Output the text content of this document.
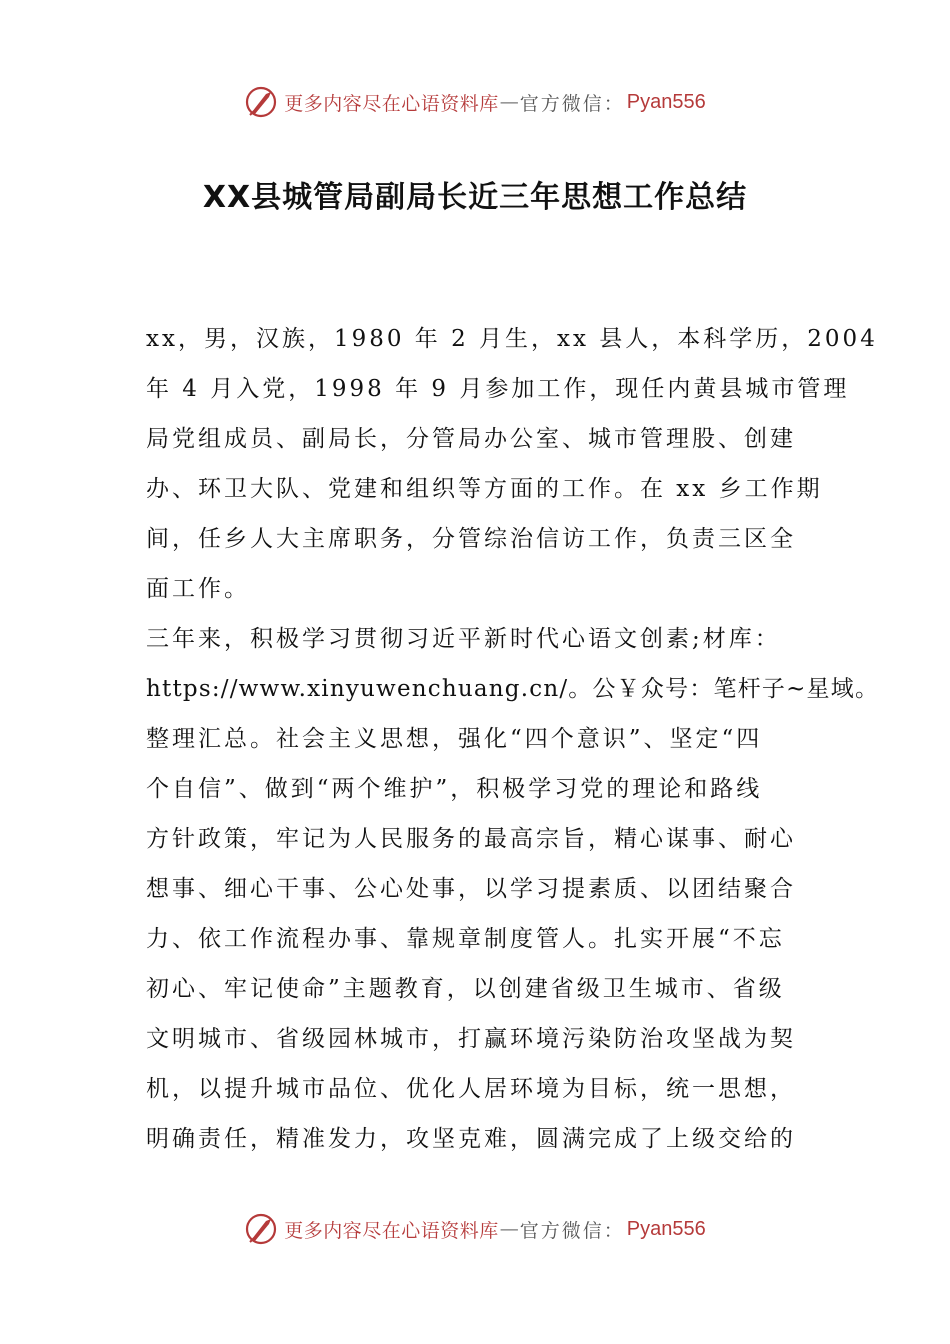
更多内容尽在心语资料库 — 官方微信： Pyan556
XX县城管局副局长近三年思想工作总结
xx，男，汉族，1980 年 2 月生，xx 县人，本科学历，2004
年 4 月入党，1998 年 9 月参加工作，现任内黄县城市管理
局党组成员、副局长，分管局办公室、城市管理股、创建
办、环卫大队、党建和组织等方面的工作。在 xx 乡工作期
间，任乡人大主席职务，分管综治信访工作，负责三区全
面工作。
三年来，积极学习贯彻习近平新时代心语文创素;材库：
https://www.xinyuwenchuang.cn/。公￥众号：笔杆子~星域。
整理汇总。社会主义思想，强化“四个意识”、坚定“四
个自信”、做到“两个维护”，积极学习党的理论和路线
方针政策，牢记为人民服务的最高宗旨，精心谋事、耐心
想事、细心干事、公心处事，以学习提素质、以团结聚合
力、依工作流程办事、靠规章制度管人。扎实开展“不忘
初心、牢记使命”主题教育，以创建省级卫生城市、省级
文明城市、省级园林城市，打赢环境污染防治攻坚战为契
机，以提升城市品位、优化人居环境为目标，统一思想，
明确责任，精准发力，攻坚克难，圆满完成了上级交给的
更多内容尽在心语资料库 — 官方微信： Pyan556
